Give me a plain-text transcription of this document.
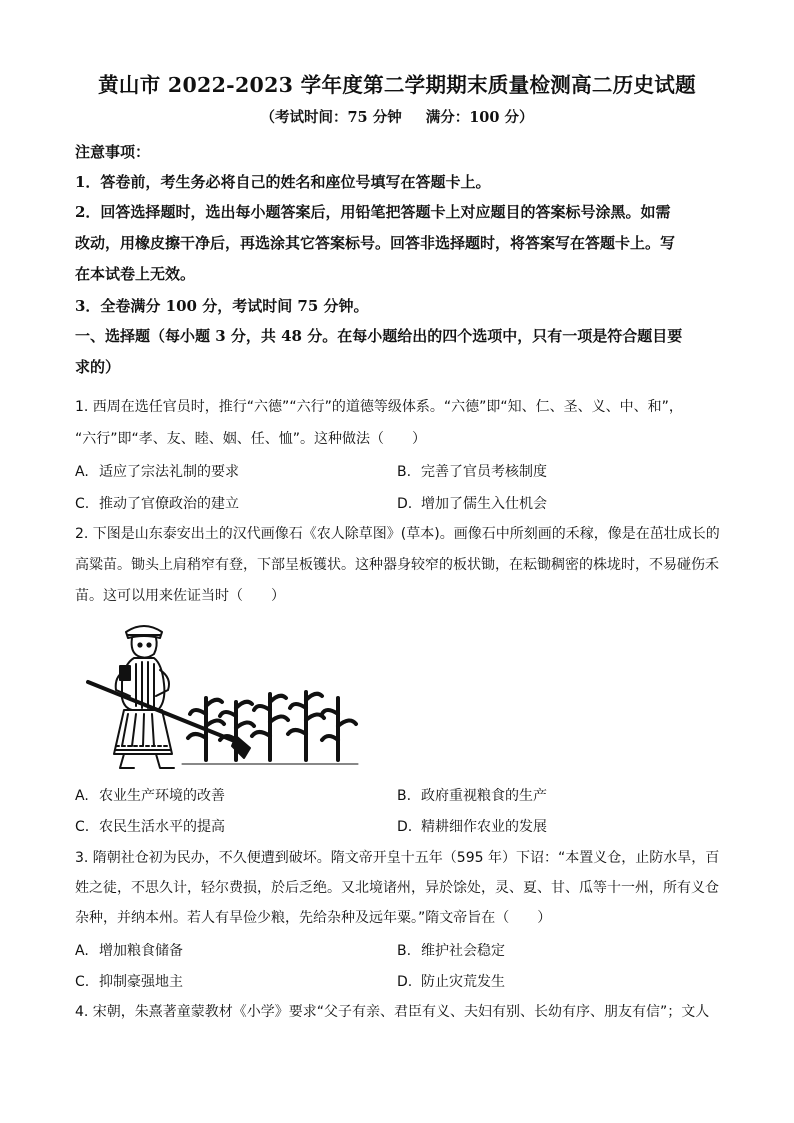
黄山市 2022-2023 学年度第二学期期末质量检测高二历史试题
（考试时间：75 分钟 满分：100 分）
注意事项：
1．答卷前，考生务必将自己的姓名和座位号填写在答题卡上。
2．回答选择题时，选出每小题答案后，用铅笔把答题卡上对应题目的答案标号涂黑。如需
改动，用橡皮擦干净后，再选涂其它答案标号。回答非选择题时，将答案写在答题卡上。写
在本试卷上无效。
3．全卷满分 100 分，考试时间 75 分钟。
一、选择题（每小题 3 分，共 48 分。在每小题给出的四个选项中，只有一项是符合题目要
求的）
1. 西周在选任官员时，推行“六德”“六行”的道德等级体系。“六德”即“知、仁、圣、义、中、和”，
“六行”即“孝、友、睦、姻、任、恤”。这种做法（　　）
A. 适应了宗法礼制的要求	B. 完善了官员考核制度
C. 推动了官僚政治的建立	D. 增加了儒生入仕机会
2. 下图是山东泰安出土的汉代画像石《农人除草图》(草本)。画像石中所刻画的禾稼，像是在茁壮成长的
高粱苗。锄头上肩稍窄有登，下部呈板镬状。这种器身较窄的板状锄，在耘锄稠密的株垅时，不易碰伤禾
苗。这可以用来佐证当时（　　）
A. 农业生产环境的改善	B. 政府重视粮食的生产
C. 农民生活水平的提高	D. 精耕细作农业的发展
3. 隋朝社仓初为民办，不久便遭到破坏。隋文帝开皇十五年（595 年）下诏：“本置义仓，止防水旱，百
姓之徒，不思久计，轻尔费损，於后乏绝。又北境诸州，异於馀处，灵、夏、甘、瓜等十一州，所有义仓
杂种，并纳本州。若人有旱俭少粮，先给杂种及远年粟。”隋文帝旨在（　　）
A. 增加粮食储备	B. 维护社会稳定
C. 抑制豪强地主	D. 防止灾荒发生
4. 宋朝，朱熹著童蒙教材《小学》要求“父子有亲、君臣有义、夫妇有别、长幼有序、朋友有信”；文人
